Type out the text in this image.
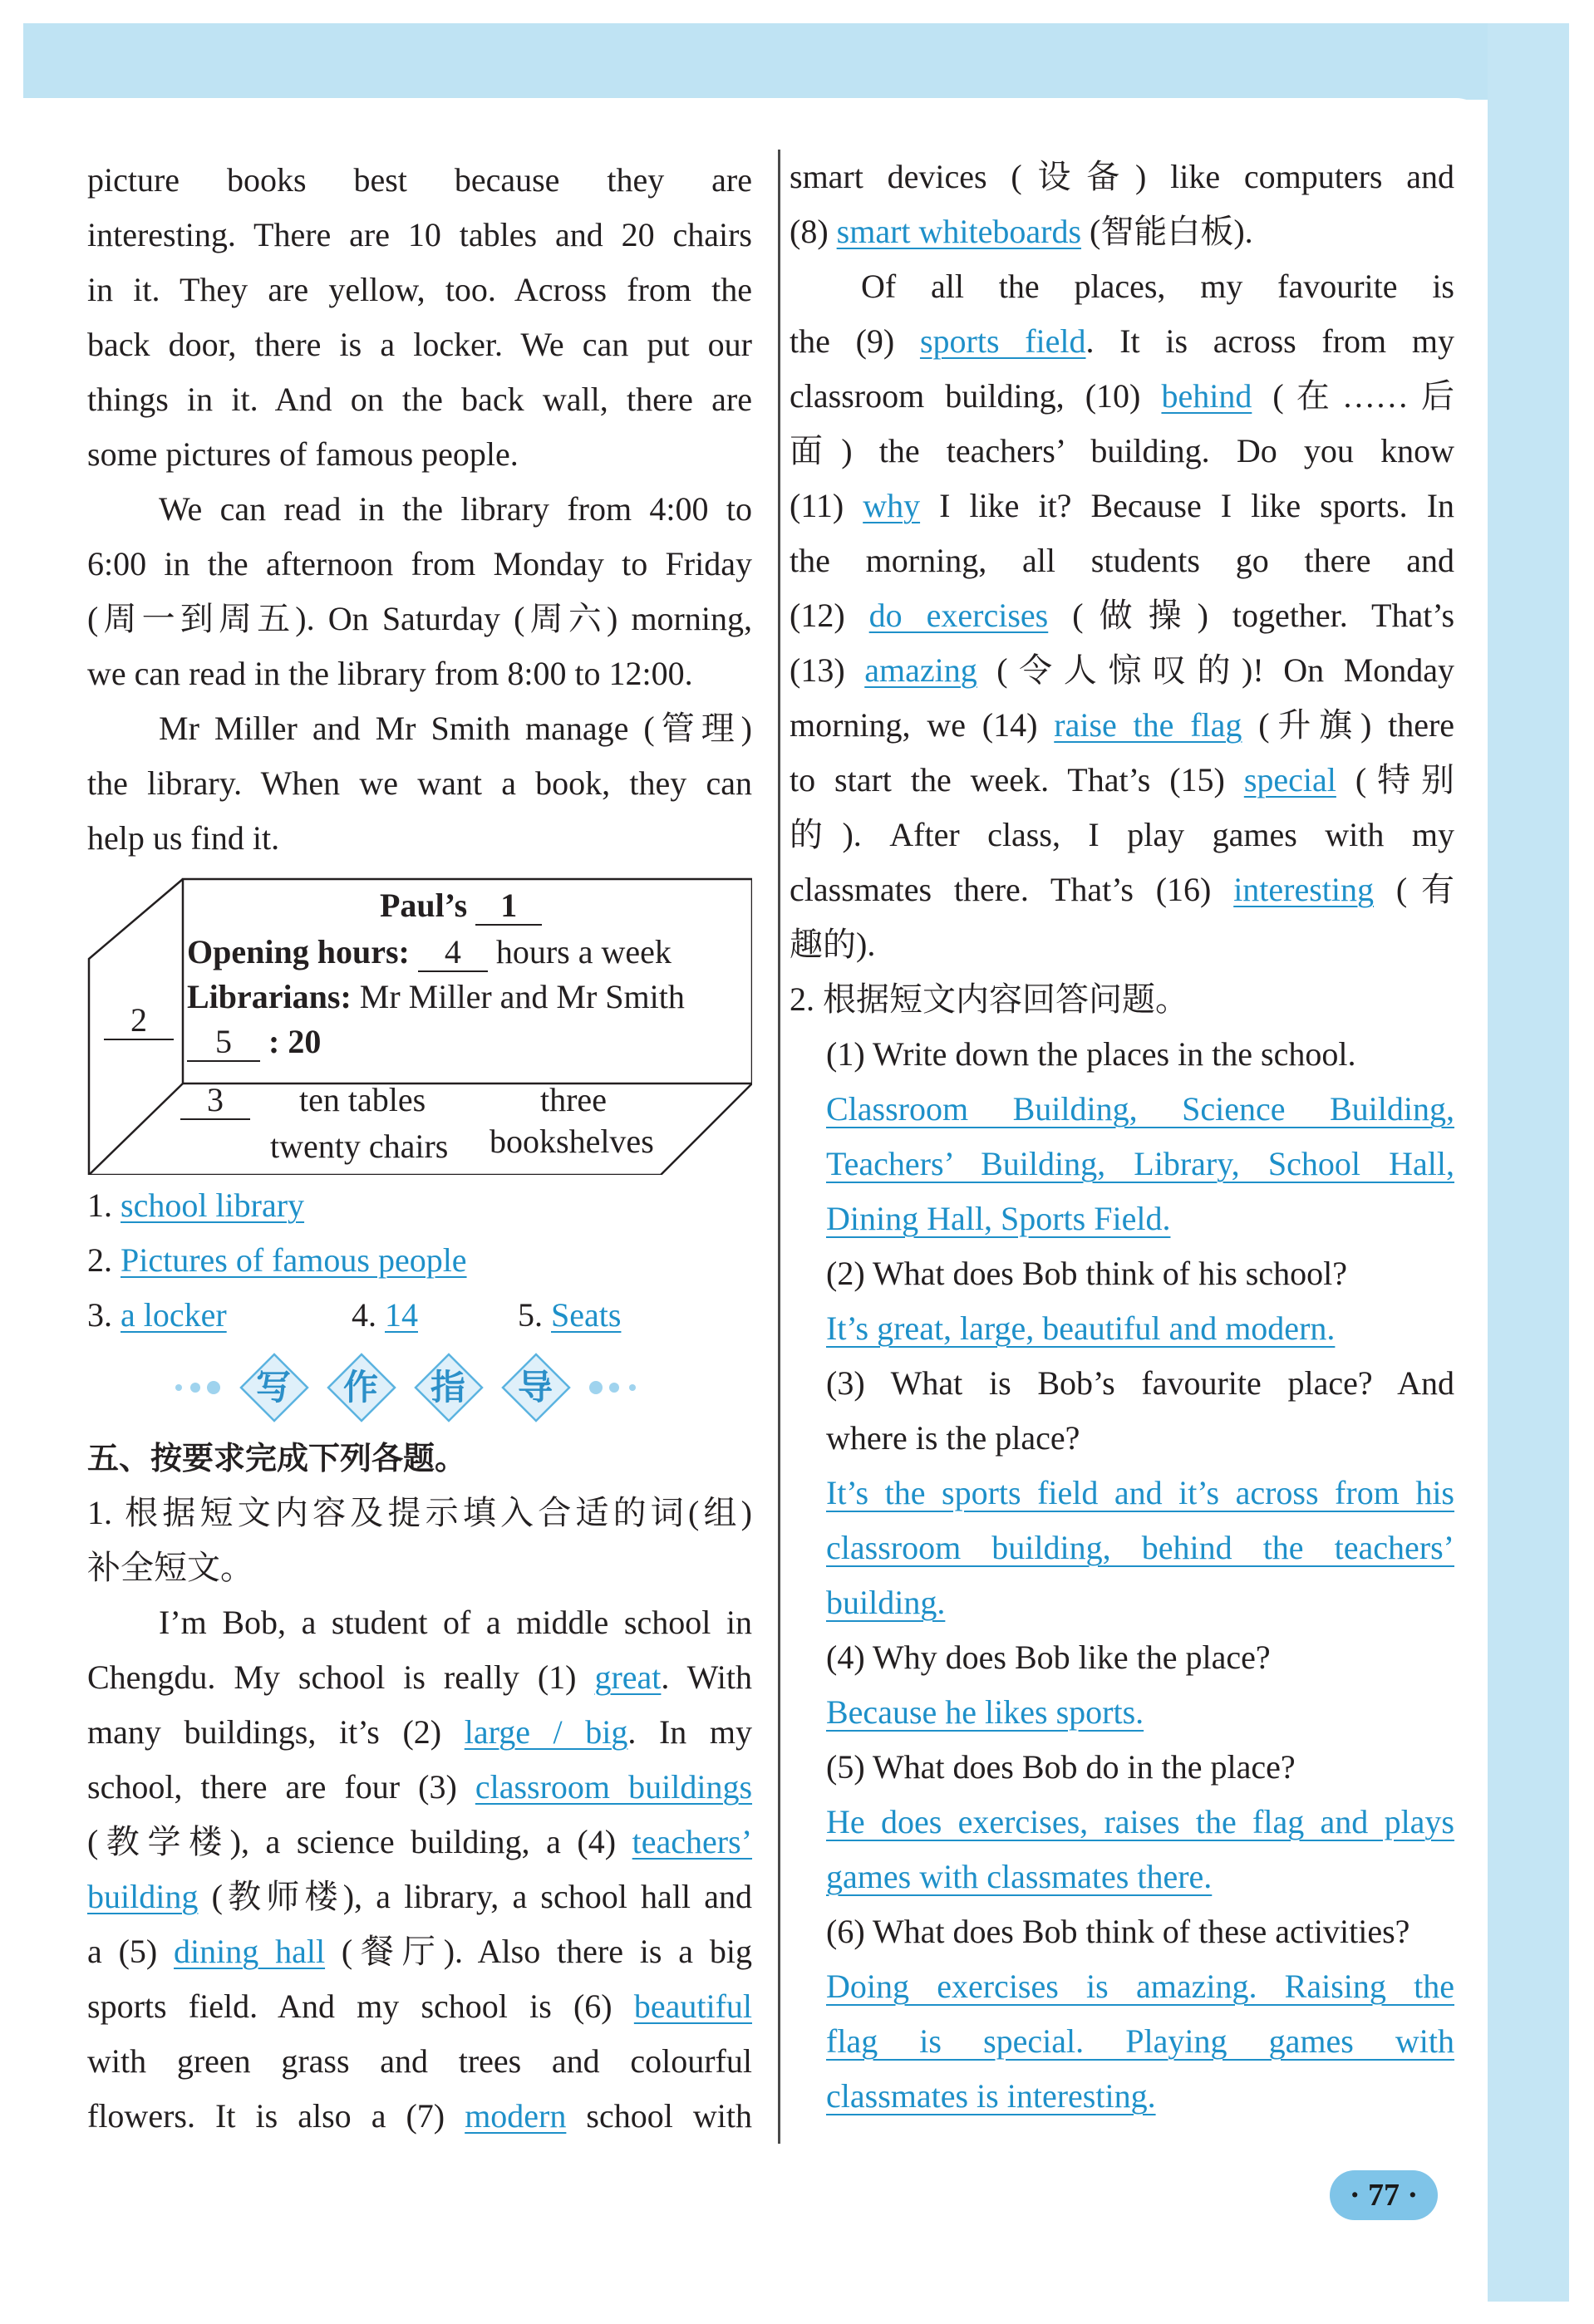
picture books best because they are

interesting. There are 10 tables and 20 chairs

in it. They are yellow, too. Across from the

back door, there is a locker. We can put our

things in it. And on the back wall, there are

some pictures of famous people.

We can read in the library from 4:00 to

6:00 in the afternoon from Monday to Friday

(周一到周五). On Saturday (周六) morning,

we can read in the library from 8:00 to 12:00.

Mr Miller and Mr Smith manage (管理)

the library. When we want a book, they can

help us find it.

Paul’s 1
Opening hours: 4 hours a week
Librarians: Mr Miller and Mr Smith
5 : 20
2
3	ten tables	three
twenty chairs bookshelves

1. school library

2. Pictures of famous people

3. a locker	4. 14	5. Seats
写 作 指 导

五、按要求完成下列各题。

1. 根据短文内容及提示填入合适的词(组)

补全短文。

I’m Bob, a student of a middle school in

Chengdu. My school is really (1) great. With

many buildings, it’s (2) large / big. In my

school, there are four (3) classroom buildings

(教学楼), a science building, a (4) teachers’

building (教师楼), a library, a school hall and

a (5) dining hall (餐厅). Also there is a big

sports field. And my school is (6) beautiful

with green grass and trees and colourful

flowers. It is also a (7) modern school with

smart devices (设备) like computers and

(8) smart whiteboards (智能白板).

Of all the places, my favourite is

the (9) sports field. It is across from my

classroom building, (10) behind (在……后

面) the teachers’ building. Do you know

(11) why I like it? Because I like sports. In

the morning, all students go there and

(12) do exercises (做操) together. That’s

(13) amazing (令人惊叹的)! On Monday

morning, we (14) raise the flag (升旗) there

to start the week. That’s (15) special (特别

的). After class, I play games with my

classmates there. That’s (16) interesting (有

趣的).

2. 根据短文内容回答问题。

(1) Write down the places in the school.

Classroom Building, Science Building,
Teachers’ Building, Library, School Hall,
Dining Hall, Sports Field.

(2) What does Bob think of his school?

It’s great, large, beautiful and modern.

(3) What is Bob’s favourite place? And

where is the place?

It’s the sports field and it’s across from his
classroom building, behind the teachers’
building.

(4) Why does Bob like the place?

Because he likes sports.

(5) What does Bob do in the place?

He does exercises, raises the flag and plays
games with classmates there.

(6) What does Bob think of these activities?

Doing exercises is amazing. Raising the
flag is special. Playing games with
classmates is interesting.
· 77 ·
